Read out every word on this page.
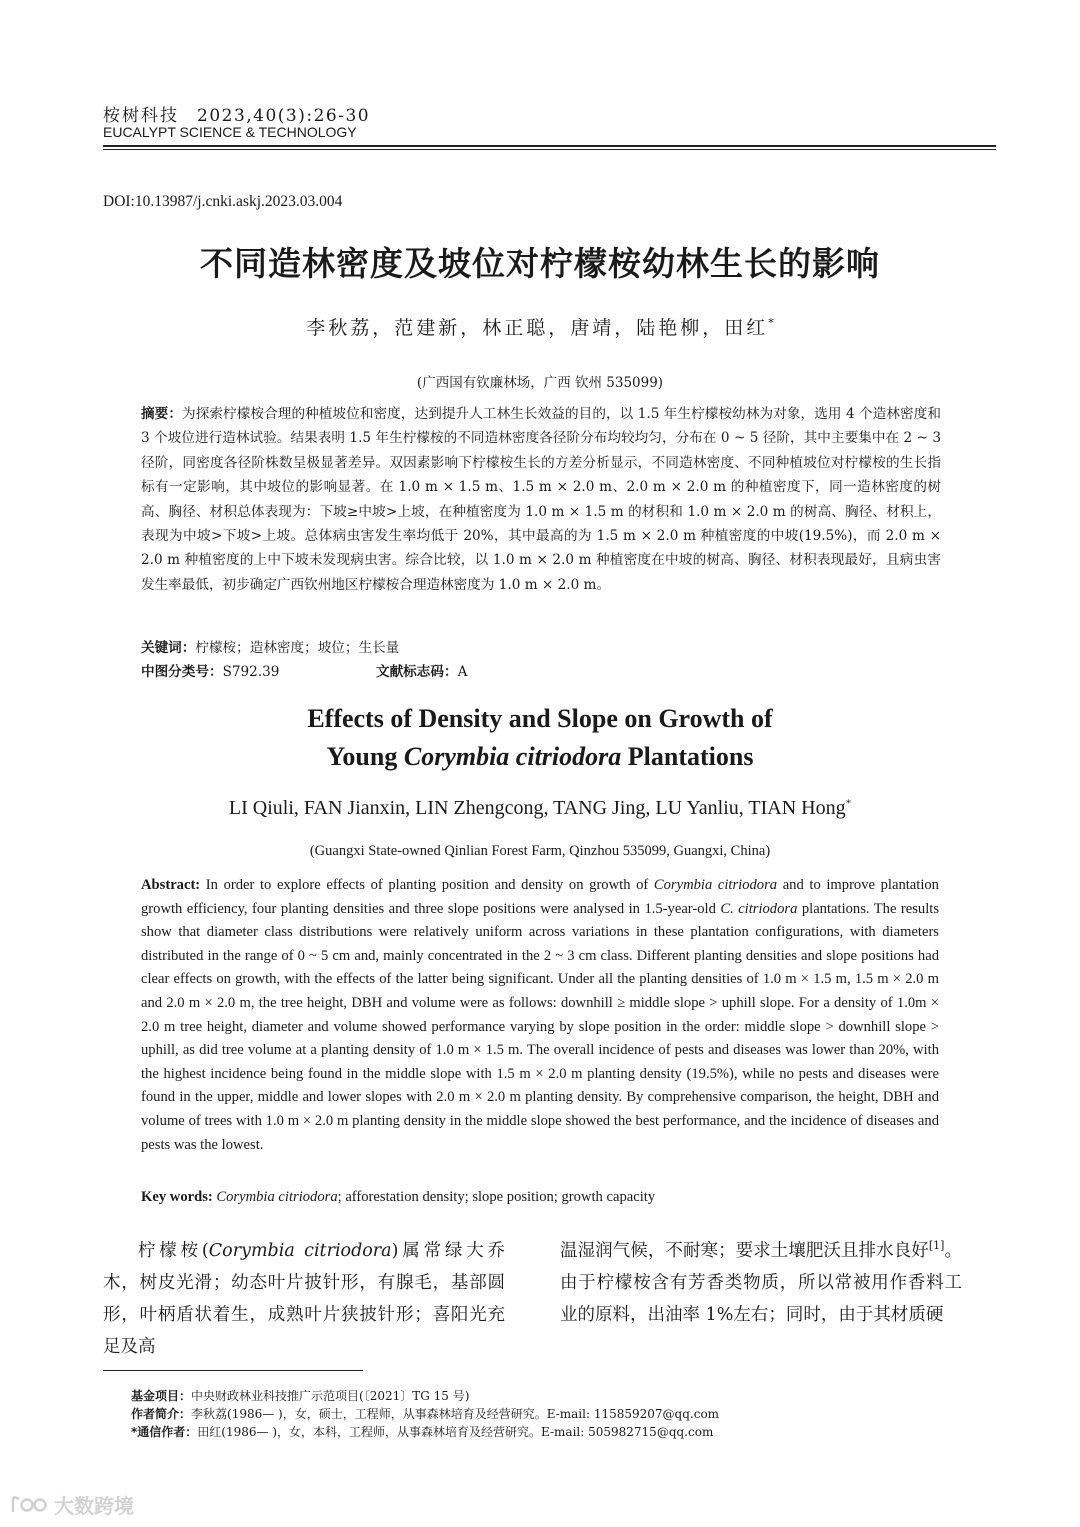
桉树科技 2023,40(3):26-30
EUCALYPT SCIENCE & TECHNOLOGY
DOI:10.13987/j.cnki.askj.2023.03.004
不同造林密度及坡位对柠檬桉幼林生长的影响
李秋荔，范建新，林正聪，唐靖，陆艳柳，田红*
(广西国有钦廉林场，广西 钦州 535099)
摘要：为探索柠檬桉合理的种植坡位和密度，达到提升人工林生长效益的目的，以 1.5 年生柠檬桉幼林为对象，选用 4 个造林密度和 3 个坡位进行造林试验。结果表明 1.5 年生柠檬桉的不同造林密度各径阶分布均较均匀，分布在 0 ~ 5 径阶，其中主要集中在 2 ~ 3 径阶，同密度各径阶株数呈极显著差异。双因素影响下柠檬桉生长的方差分析显示，不同造林密度、不同种植坡位对柠檬桉的生长指标有一定影响，其中坡位的影响显著。在 1.0 m × 1.5 m、1.5 m × 2.0 m、2.0 m × 2.0 m 的种植密度下，同一造林密度的树高、胸径、材积总体表现为：下坡≥中坡>上坡，在种植密度为 1.0 m × 1.5 m 的材积和 1.0 m × 2.0 m 的树高、胸径、材积上，表现为中坡>下坡>上坡。总体病虫害发生率均低于 20%，其中最高的为 1.5 m × 2.0 m 种植密度的中坡(19.5%)，而 2.0 m × 2.0 m 种植密度的上中下坡未发现病虫害。综合比较，以 1.0 m × 2.0 m 种植密度在中坡的树高、胸径、材积表现最好，且病虫害发生率最低，初步确定广西钦州地区柠檬桉合理造林密度为 1.0 m × 2.0 m。
关键词：柠檬桉；造林密度；坡位；生长量
中图分类号：S792.39	文献标志码：A
Effects of Density and Slope on Growth of
Young Corymbia citriodora Plantations
LI Qiuli, FAN Jianxin, LIN Zhengcong, TANG Jing, LU Yanliu, TIAN Hong*
(Guangxi State-owned Qinlian Forest Farm, Qinzhou 535099, Guangxi, China)
Abstract: In order to explore effects of planting position and density on growth of Corymbia citriodora and to improve plantation growth efficiency, four planting densities and three slope positions were analysed in 1.5-year-old C. citriodora plantations. The results show that diameter class distributions were relatively uniform across variations in these plantation configurations, with diameters distributed in the range of 0 ~ 5 cm and, mainly concentrated in the 2 ~ 3 cm class. Different planting densities and slope positions had clear effects on growth, with the effects of the latter being significant. Under all the planting densities of 1.0 m × 1.5 m, 1.5 m × 2.0 m and 2.0 m × 2.0 m, the tree height, DBH and volume were as follows: downhill ≥ middle slope > uphill slope. For a density of 1.0m × 2.0 m tree height, diameter and volume showed performance varying by slope position in the order: middle slope > downhill slope > uphill, as did tree volume at a planting density of 1.0 m × 1.5 m. The overall incidence of pests and diseases was lower than 20%, with the highest incidence being found in the middle slope with 1.5 m × 2.0 m planting density (19.5%), while no pests and diseases were found in the upper, middle and lower slopes with 2.0 m × 2.0 m planting density. By comprehensive comparison, the height, DBH and volume of trees with 1.0 m × 2.0 m planting density in the middle slope showed the best performance, and the incidence of diseases and pests was the lowest.
Key words: Corymbia citriodora; afforestation density; slope position; growth capacity
柠檬桉(Corymbia citriodora)属常绿大乔木，树皮光滑；幼态叶片披针形，有腺毛，基部圆形，叶柄盾状着生，成熟叶片狭披针形；喜阳光充足及高
温湿润气候，不耐寒；要求土壤肥沃且排水良好[1]。由于柠檬桉含有芳香类物质，所以常被用作香料工业的原料，出油率 1%左右；同时，由于其材质硬
基金项目：中央财政林业科技推广示范项目(〔2021〕TG 15 号)
作者简介：李秋荔(1986— )，女，硕士，工程师，从事森林培育及经营研究。E-mail: 115859207@qq.com
*通信作者：田红(1986— )，女，本科，工程师，从事森林培育及经营研究。E-mail: 505982715@qq.com
大数跨境
